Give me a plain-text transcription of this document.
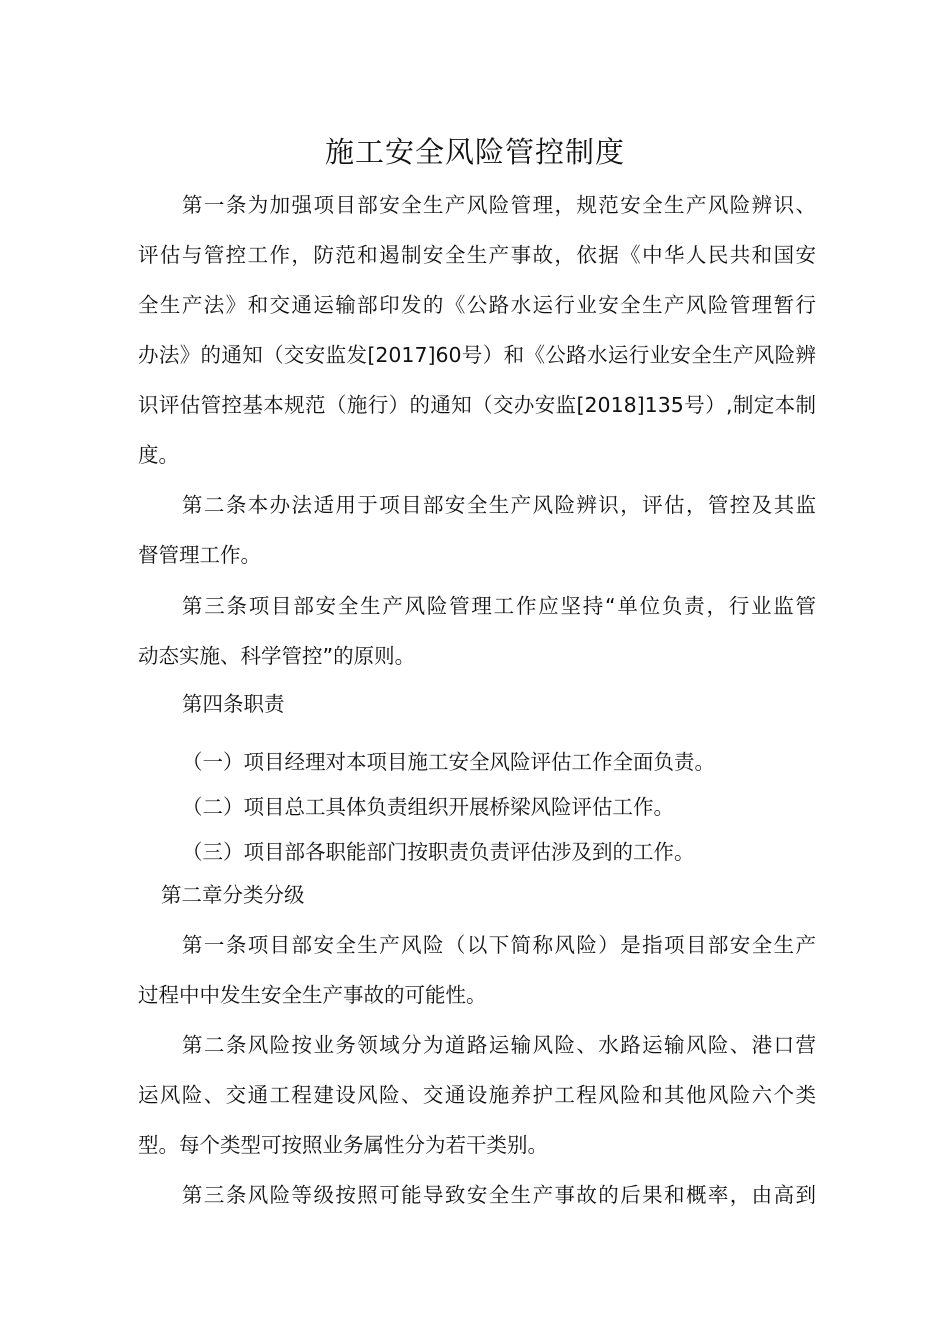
施工安全风险管控制度
第一条为加强项目部安全生产风险管理，规范安全生产风险辨识、
评估与管控工作，防范和遏制安全生产事故，依据《中华人民共和国安
全生产法》和交通运输部印发的《公路水运行业安全生产风险管理暂行
办法》的通知（交安监发[2017]60号）和《公路水运行业安全生产风险辨
识评估管控基本规范（施行）的通知（交办安监[2018]135号）,制定本制
度。
第二条本办法适用于项目部安全生产风险辨识，评估，管控及其监
督管理工作。
第三条项目部安全生产风险管理工作应坚持“单位负责，行业监管
动态实施、科学管控”的原则。
第四条职责
（一）项目经理对本项目施工安全风险评估工作全面负责。
（二）项目总工具体负责组织开展桥梁风险评估工作。
（三）项目部各职能部门按职责负责评估涉及到的工作。
第二章分类分级
第一条项目部安全生产风险（以下简称风险）是指项目部安全生产
过程中中发生安全生产事故的可能性。
第二条风险按业务领域分为道路运输风险、水路运输风险、港口营
运风险、交通工程建设风险、交通设施养护工程风险和其他风险六个类
型。每个类型可按照业务属性分为若干类别。
第三条风险等级按照可能导致安全生产事故的后果和概率，由高到
